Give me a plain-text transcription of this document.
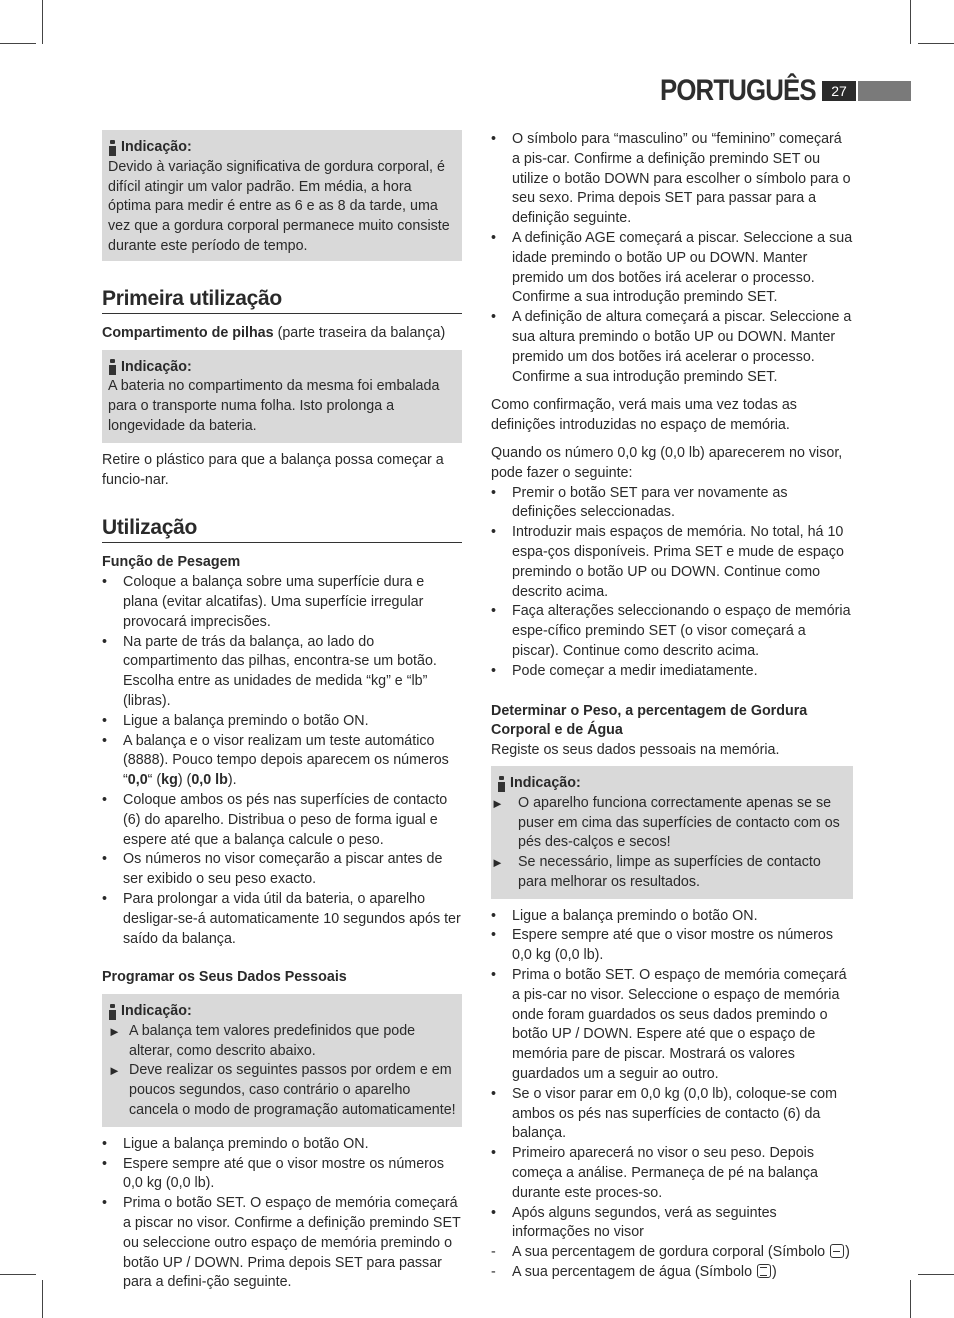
PORTUGUÊS	27
Indicação:

Devido à variação significativa de gordura corporal, é difícil atingir um valor padrão. Em média, a hora óptima para medir é entre as 6 e as 8 da tarde, uma vez que a gordura corporal permanece muito consiste durante este período de tempo.

Primeira utilização

Compartimento de pilhas (parte traseira da balança)

Indicação:

A bateria no compartimento da mesma foi embalada para o transporte numa folha. Isto prolonga a longevidade da bateria.

Retire o plástico para que a balança possa começar a funcio-nar.

Utilização

Função de Pesagem

• Coloque a balança sobre uma superfície dura e plana (evitar alcatifas). Uma superfície irregular provocará imprecisões.
• Na parte de trás da balança, ao lado do compartimento das pilhas, encontra-se um botão. Escolha entre as unidades de medida “kg” e “lb” (libras).
• Ligue a balança premindo o botão ON.
• A balança e o visor realizam um teste automático (8888). Pouco tempo depois aparecem os números “0,0“ (kg) (0,0 lb).
• Coloque ambos os pés nas superfícies de contacto (6) do aparelho. Distribua o peso de forma igual e espere até que a balança calcule o peso.
• Os números no visor começarão a piscar antes de ser exibido o seu peso exacto.
• Para prolongar a vida útil da bateria, o aparelho desligar-se-á automaticamente 10 segundos após ter saído da balança.

Programar os Seus Dados Pessoais

Indicação:
► A balança tem valores predefinidos que pode alterar, como descrito abaixo.
► Deve realizar os seguintes passos por ordem e em poucos segundos, caso contrário o aparelho cancela o modo de programação automaticamente!
• Ligue a balança premindo o botão ON.
• Espere sempre até que o visor mostre os números 0,0 kg (0,0 lb).
• Prima o botão SET. O espaço de memória começará a piscar no visor. Confirme a definição premindo SET ou seleccione outro espaço de memória premindo o botão UP / DOWN. Prima depois SET para passar para a defini-ção seguinte.
• O símbolo para “masculino” ou “feminino” começará a pis-car. Confirme a definição premindo SET ou utilize o botão DOWN para escolher o símbolo para o seu sexo. Prima depois SET para passar para a definição seguinte.
• A definição AGE começará a piscar. Seleccione a sua idade premindo o botão UP ou DOWN. Manter premido um dos botões irá acelerar o processo. Confirme a sua introdução premindo SET.
• A definição de altura começará a piscar. Seleccione a sua altura premindo o botão UP ou DOWN. Manter premido um dos botões irá acelerar o processo. Confirme a sua introdução premindo SET.

Como confirmação, verá mais uma vez todas as definições introduzidas no espaço de memória.

Quando os número 0,0 kg (0,0 lb) aparecerem no visor, pode fazer o seguinte:

• Premir o botão SET para ver novamente as definições seleccionadas.
• Introduzir mais espaços de memória. No total, há 10 espa-ços disponíveis. Prima SET e mude de espaço premindo o botão UP ou DOWN. Continue como descrito acima.
• Faça alterações seleccionando o espaço de memória espe-cífico premindo SET (o visor começará a piscar). Continue como descrito acima.
• Pode começar a medir imediatamente.

Determinar o Peso, a percentagem de Gordura Corporal e de Água

Registe os seus dados pessoais na memória.

Indicação:
► O aparelho funciona correctamente apenas se se puser em cima das superfícies de contacto com os pés des-calços e secos!
► Se necessário, limpe as superfícies de contacto para melhorar os resultados.
• Ligue a balança premindo o botão ON.
• Espere sempre até que o visor mostre os números 0,0 kg (0,0 lb).
• Prima o botão SET. O espaço de memória começará a pis-car no visor. Seleccione o espaço de memória onde foram guardados os seus dados premindo o botão UP / DOWN. Espere até que o espaço de memória pare de piscar. Mostrará os valores guardados um a seguir ao outro.
• Se o visor parar em 0,0 kg (0,0 lb), coloque-se com ambos os pés nas superfícies de contacto (6) da balança.
• Primeiro aparecerá no visor o seu peso. Depois começa a análise. Permaneça de pé na balança durante este proces-so.
• Após alguns segundos, verá as seguintes informações no visor
- A sua percentagem de gordura corporal (Símbolo )
- A sua percentagem de água (Símbolo )
